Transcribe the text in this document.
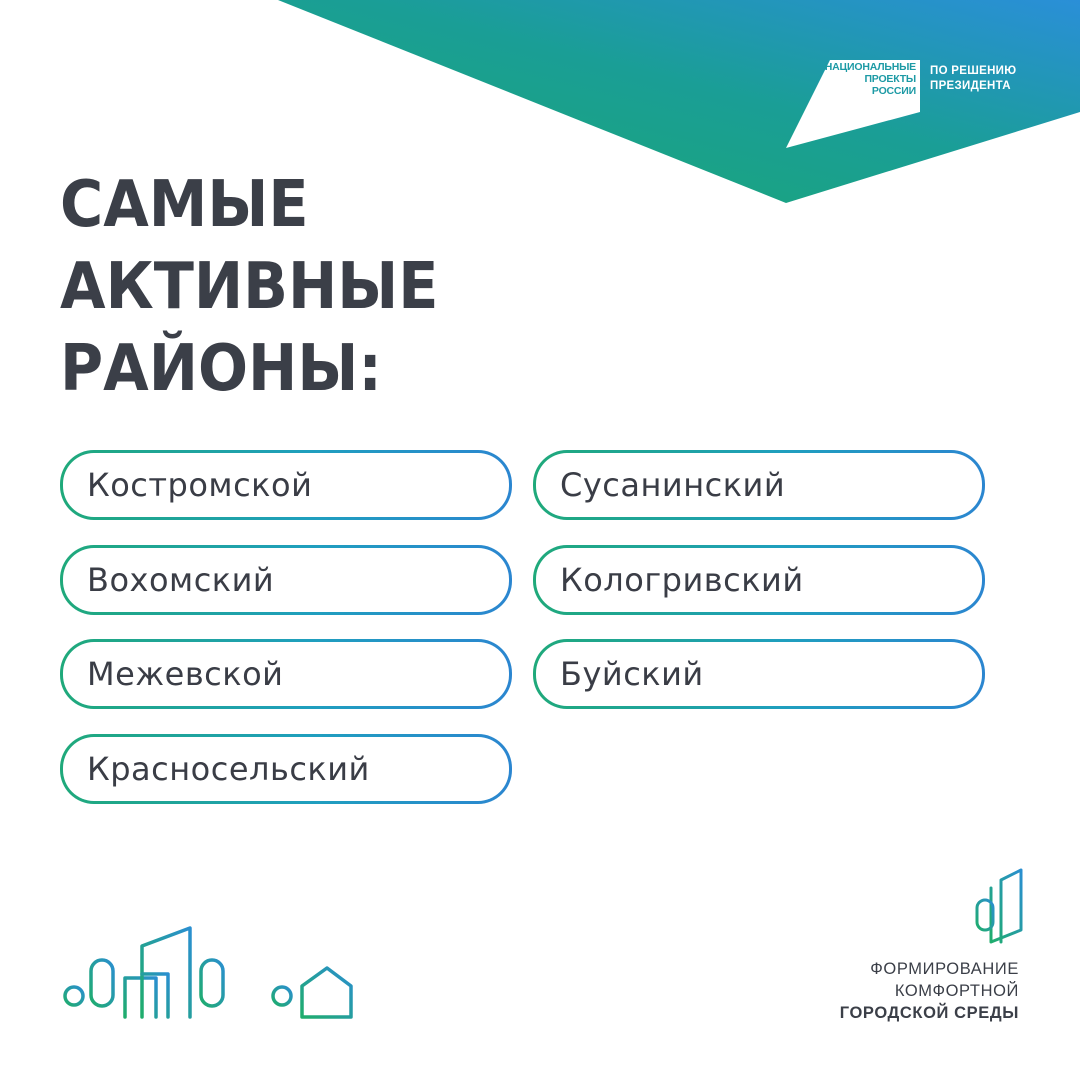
НАЦИОНАЛЬНЫЕ
ПРОЕКТЫ
РОССИИ
ПО РЕШЕНИЮ
ПРЕЗИДЕНТА
САМЫЕ
АКТИВНЫЕ
РАЙОНЫ:
Костромской	Сусанинский
Вохомский	Кологривский
Межевской	Буйский
Красносельский
ФОРМИРОВАНИЕ
КОМФОРТНОЙ
ГОРОДСКОЙ СРЕДЫ
